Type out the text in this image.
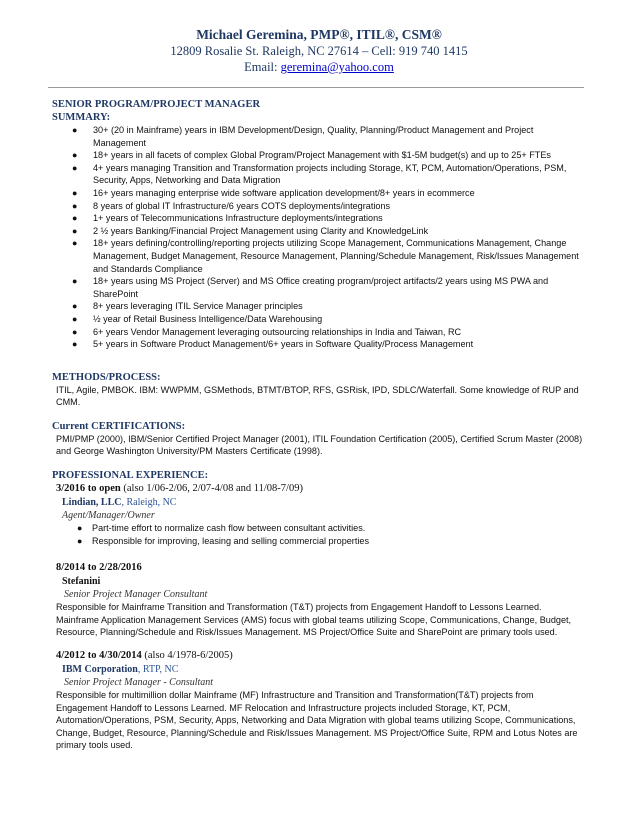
Michael Geremina, PMP®, ITIL®, CSM®
12809 Rosalie St. Raleigh, NC 27614 – Cell: 919 740 1415
Email: geremina@yahoo.com
SENIOR PROGRAM/PROJECT MANAGER
SUMMARY:
● 30+ (20 in Mainframe) years in IBM Development/Design, Quality, Planning/Product Management and Project Management
● 18+ years in all facets of complex Global Program/Project Management with $1-5M budget(s) and up to 25+ FTEs
● 4+ years managing Transition and Transformation projects including Storage, KT, PCM, Automation/Operations, PSM, Security, Apps, Networking and Data Migration
● 16+ years managing enterprise wide software application development/8+ years in ecommerce
● 8 years of global IT Infrastructure/6 years COTS deployments/integrations
● 1+ years of Telecommunications Infrastructure deployments/integrations
● 2 ½ years Banking/Financial Project Management using Clarity and KnowledgeLink
● 18+ years defining/controlling/reporting projects utilizing Scope Management, Communications Management, Change Management, Budget Management, Resource Management, Planning/Schedule Management, Risk/Issues Management and Standards Compliance
● 18+ years using MS Project (Server) and MS Office creating program/project artifacts/2 years using MS PWA and SharePoint
● 8+ years leveraging ITIL Service Manager principles
● ½ year of Retail Business Intelligence/Data Warehousing
● 6+ years Vendor Management leveraging outsourcing relationships in India and Taiwan, RC
● 5+ years in Software Product Management/6+ years in Software Quality/Process Management
METHODS/PROCESS:
ITIL, Agile, PMBOK. IBM: WWPMM, GSMethods, BTMT/BTOP, RFS, GSRisk, IPD, SDLC/Waterfall. Some knowledge of RUP and CMM.
Current CERTIFICATIONS:
PMI/PMP (2000), IBM/Senior Certified Project Manager (2001), ITIL Foundation Certification (2005), Certified Scrum Master (2008) and George Washington University/PM Masters Certificate (1998).
PROFESSIONAL EXPERIENCE:
3/2016 to open (also 1/06-2/06, 2/07-4/08 and 11/08-7/09)
Lindian, LLC, Raleigh, NC
Agent/Manager/Owner
● Part-time effort to normalize cash flow between consultant activities.
● Responsible for improving, leasing and selling commercial properties
8/2014 to 2/28/2016
Stefanini
Senior Project Manager Consultant
Responsible for Mainframe Transition and Transformation (T&T) projects from Engagement Handoff to Lessons Learned. Mainframe Application Management Services (AMS) focus with global teams utilizing Scope, Communications, Change, Budget, Resource, Planning/Schedule and Risk/Issues Management. MS Project/Office Suite and SharePoint are primary tools used.
4/2012 to 4/30/2014 (also 4/1978-6/2005)
IBM Corporation, RTP, NC
Senior Project Manager - Consultant
Responsible for multimillion dollar Mainframe (MF) Infrastructure and Transition and Transformation(T&T) projects from Engagement Handoff to Lessons Learned. MF Relocation and Infrastructure projects included Storage, KT, PCM, Automation/Operations, PSM, Security, Apps, Networking and Data Migration with global teams utilizing Scope, Communications, Change, Budget, Resource, Planning/Schedule and Risk/Issues Management. MS Project/Office Suite, RPM and Lotus Notes are primary tools used.
